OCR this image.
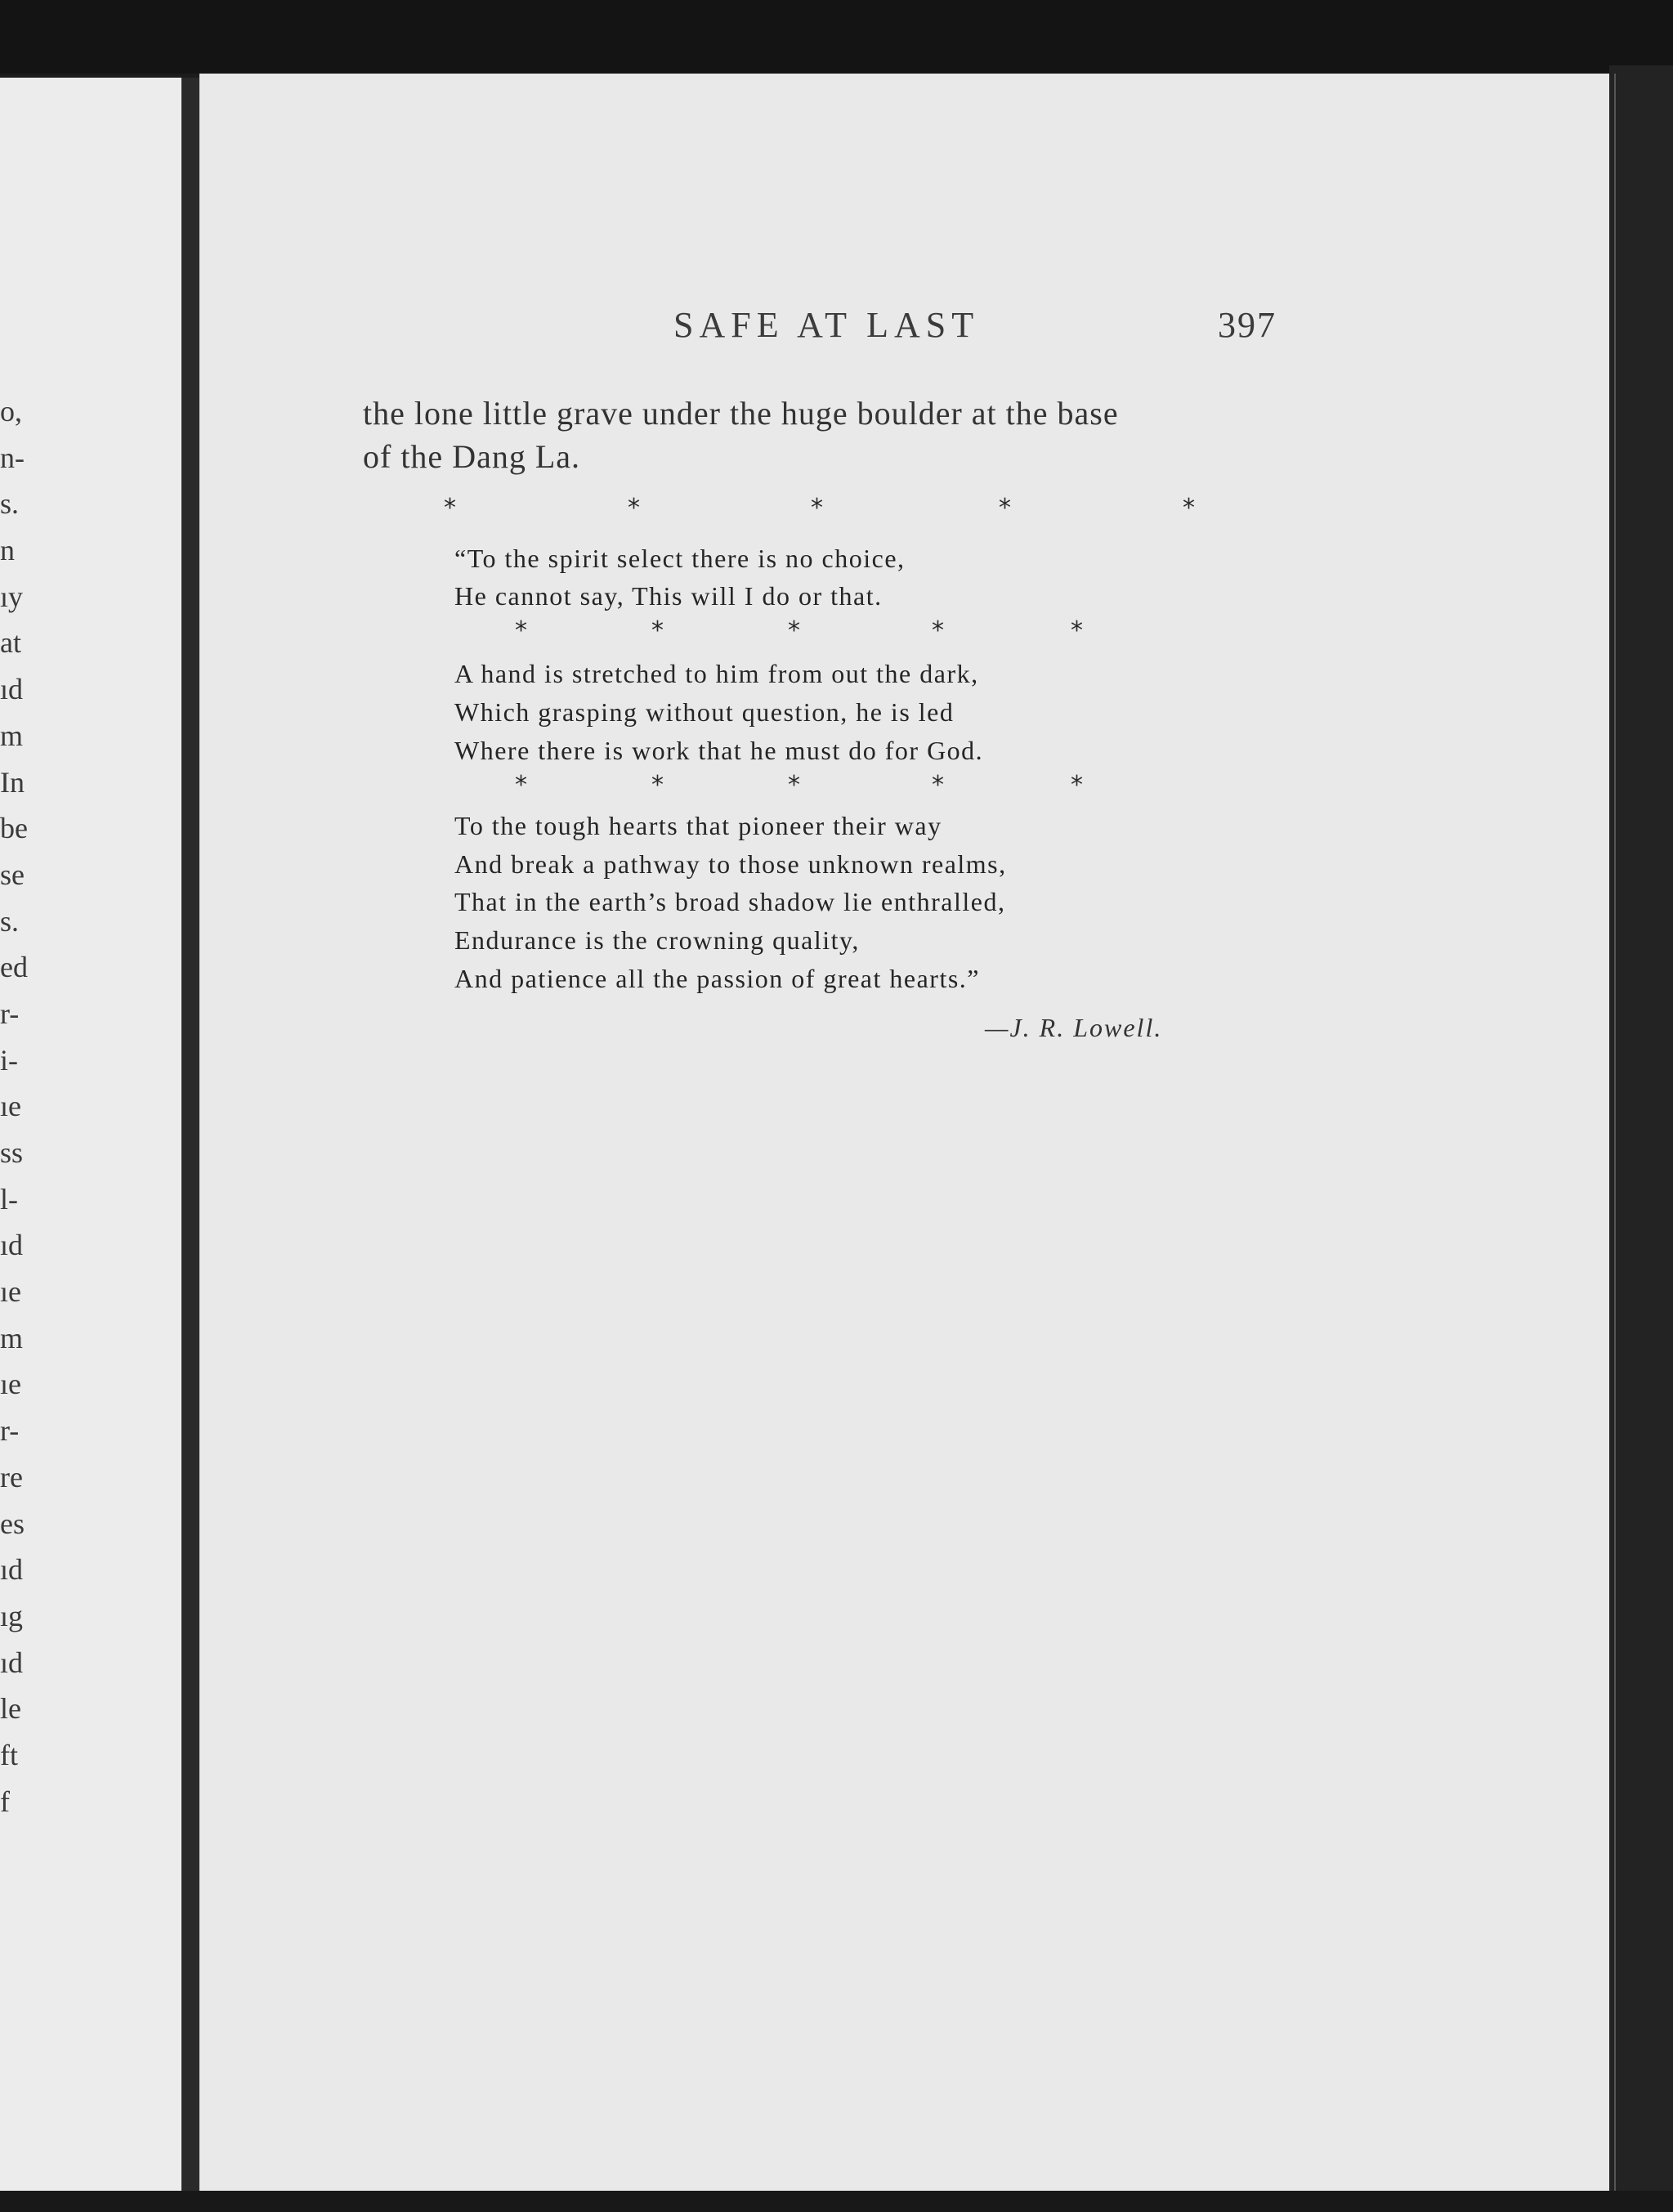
o,
n-
s.
n
ıy
at
ıd
m
In
be
se
s.
ed
r-
i-
ıe
ss
l-
ıd
ıe
m
ıe
r-
re
es
ıd
ıg
ıd
le
ft
f
SAFE AT LAST	397
the lone little grave under the huge boulder at the base
of the Dang La.
*	*	*	*	*
“To the spirit select there is no choice,
He cannot say, This will I do or that.
*	*	*	*	*
A hand is stretched to him from out the dark,
Which grasping without question, he is led
Where there is work that he must do for God.
*	*	*	*	*
To the tough hearts that pioneer their way
And break a pathway to those unknown realms,
That in the earth’s broad shadow lie enthralled,
Endurance is the crowning quality,
And patience all the passion of great hearts.”
—J. R. Lowell.
